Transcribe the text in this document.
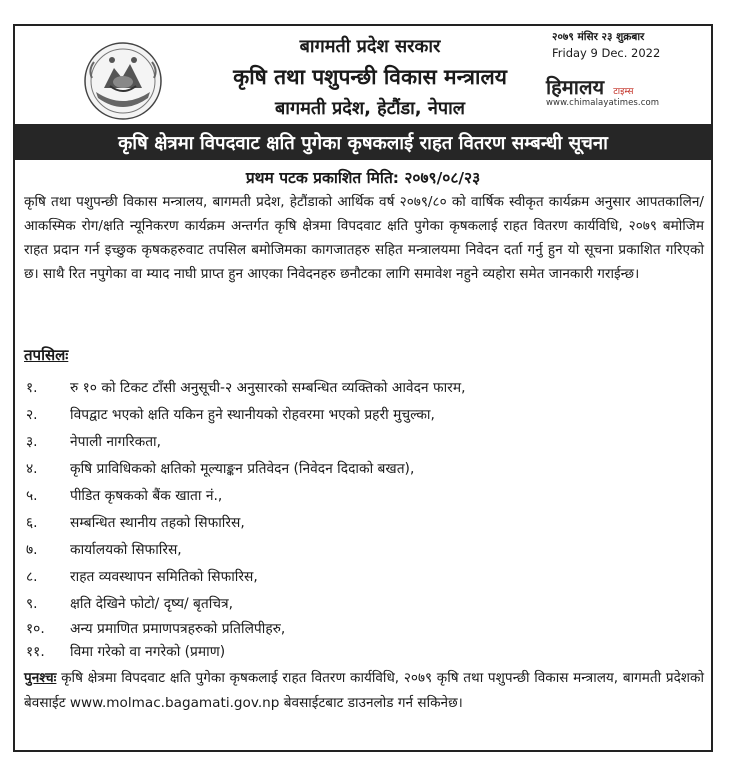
बागमती प्रदेश सरकार
कृषि तथा पशुपन्छी विकास मन्त्रालय
बागमती प्रदेश, हेटौंडा, नेपाल
२०७९ मंसिर २३ शुक्रबार
Friday 9 Dec. 2022
हिमालय टाइम्स
www.chimalayatimes.com
कृषि क्षेत्रमा विपदवाट क्षति पुगेका कृषकलाई राहत वितरण सम्बन्धी सूचना
प्रथम पटक प्रकाशित मिति: २०७९/०८/२३
कृषि तथा पशुपन्छी विकास मन्त्रालय, बागमती प्रदेश, हेटौंडाको आर्थिक वर्ष २०७९/८० को वार्षिक स्वीकृत कार्यक्रम अनुसार आपतकालिन/आकस्मिक रोग/क्षति न्यूनिकरण कार्यक्रम अन्तर्गत कृषि क्षेत्रमा विपदवाट क्षति पुगेका कृषकलाई राहत वितरण कार्यविधि, २०७९ बमोजिम राहत प्रदान गर्न इच्छुक कृषकहरुवाट तपसिल बमोजिमका कागजातहरु सहित मन्त्रालयमा निवेदन दर्ता गर्नु हुन यो सूचना प्रकाशित गरिएको छ। साथै रित नपुगेका वा म्याद नाघी प्राप्त हुन आएका निवेदनहरु छनौटका लागि समावेश नहुने व्यहोरा समेत जानकारी गराईन्छ।
तपसिलः
१.	रु १० को टिकट टाँसी अनुसूची-२ अनुसारको सम्बन्धित व्यक्तिको आवेदन फारम,
२.	विपद्वाट भएको क्षति यकिन हुने स्थानीयको रोहवरमा भएको प्रहरी मुचुल्का,
३.	नेपाली नागरिकता,
४.	कृषि प्राविधिकको क्षतिको मूल्याङ्कन प्रतिवेदन (निवेदन दिदाको बखत),
५.	पीडित कृषकको बैंक खाता नं.,
६.	सम्बन्धित स्थानीय तहको सिफारिस,
७.	कार्यालयको सिफारिस,
८.	राहत व्यवस्थापन समितिको सिफारिस,
९.	क्षति देखिने फोटो/ दृष्य/ बृतचित्र,
१०.	अन्य प्रमाणित प्रमाणपत्रहरुको प्रतिलिपीहरु,
११.	विमा गरेको वा नगरेको (प्रमाण)
पुनश्चः कृषि क्षेत्रमा विपदवाट क्षति पुगेका कृषकलाई राहत वितरण कार्यविधि, २०७९ कृषि तथा पशुपन्छी विकास मन्त्रालय, बागमती प्रदेशको बेवसाईट www.molmac.bagamati.gov.np बेवसाईटबाट डाउनलोड गर्न सकिनेछ।
